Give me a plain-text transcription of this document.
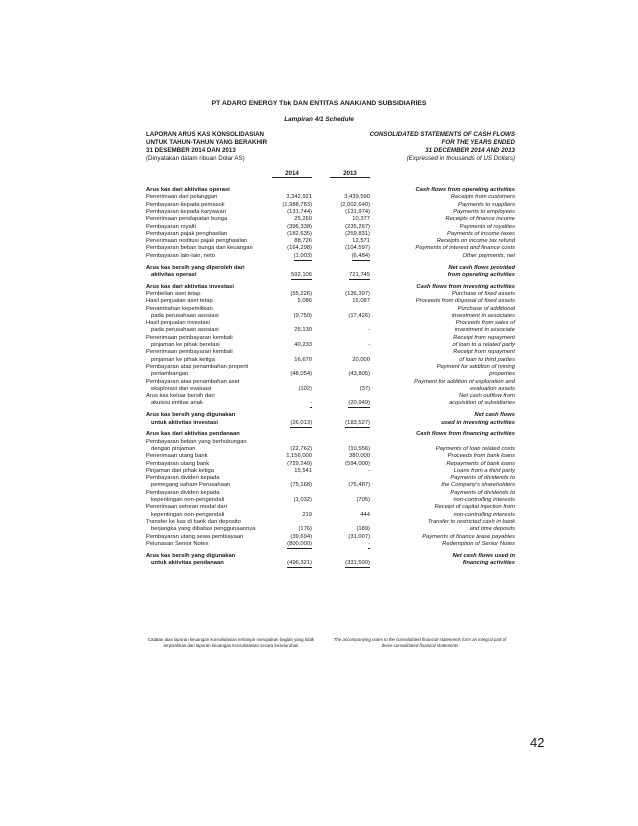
PT ADARO ENERGY Tbk DAN ENTITAS ANAK/AND SUBSIDIARIES
Lampiran 4/1 Schedule
LAPORAN ARUS KAS KONSOLIDASIAN
UNTUK TAHUN-TAHUN YANG BERAKHIR
31 DESEMBER 2014 DAN 2013
(Dinyatakan dalam ribuan Dolar AS)
CONSOLIDATED STATEMENTS OF CASH FLOWS
FOR THE YEARS ENDED
31 DECEMBER 2014 AND 2013
(Expressed in thousands of US Dollars)
2014	2013
Arus kas dari aktivitas operasi	Cash flows from operating activities
Penerimaan dari pelanggan	3,342,921	3,439,590	Receipts from customers
Pembayaran kepada pemasok	(1,988,783)	(2,002,640)	Payments to suppliers
Pembayaran kepada karyawan	(131,744)	(131,974)	Payments to employees
Penerimaan pendapatan bunga	25,260	10,377	Receipts of finance income
Pembayaran royalti	(396,338)	(235,267)	Payments of royalties
Pembayaran pajak penghasilan	(182,635)	(259,831)	Payments of income taxes
Penerimaan restitusi pajak penghasilan	88,726	12,571	Receipts on income tax refund
Pembayaran beban bunga dan keuangan	(164,298)	(104,597)	Payments of interest and finance costs
Pembayaran lain-lain, neto	(1,003)	(6,484)	Other payments, net
Arus kas bersih yang diperoleh dari	Net cash flows provided
aktivitas operasi	592,106	721,745	from operating activities
Arus kas dari aktivitas investasi	Cash flows from investing activities
Pembelian aset tetap	(55,226)	(136,397)	Purchase of fixed assets
Hasil penjualan aset tetap	5,086	15,087	Proceeds from disposal of fixed assets
Penambahan kepemilikan	Purchase of additional
pada perusahaan asosiasi	(9,750)	(17,426)	investment in associates
Hasil penjualan investasi	Proceeds from sales of
pada perusahaan asosiasi	25,130	-	investment in associate
Penerimaan pembayaran kembali	Receipt from repayment
pinjaman ke pihak berelasi	40,233	-	of loan to a related party
Penerimaan pembayaran kembali	Receipt from repayment
pinjaman ke pihak ketiga	16,670	20,000	of loan to third parties
Pembayaran atas penambahan properti	Payment for addition of mining
pertambangan	(48,054)	(43,805)	properties
Pembayaran atas penambahan aset	Payment for addition of exploration and
eksplorasi dan evaluasi	(102)	(37)	evaluation assets
Arus kas keluar bersih dari	Net cash outflow from
akuisisi entitas anak	-	(20,949)	acquisition of subsidiaries
Arus kas bersih yang digunakan	Net cash flows
untuk aktivitas investasi	(26,013)	(183,527)	used in investing activities
Arus kas dari aktivitas pendanaan	Cash flows from financing activities
Pembayaran beban yang berhubungan
dengan pinjaman	(22,762)	(10,556)	Payments of loan related costs
Penerimaan utang bank	1,156,000	380,000	Proceeds from bank loans
Pembayaran utang bank	(729,249)	(594,000)	Repayments of bank loans
Pinjaman dari pihak ketiga	15,541	-	Loans from a third party
Pembayaran dividen kepada	Payments of dividends to
pemegang saham Perusahaan	(75,168)	(75,487)	the Company's shareholders
Pembayaran dividen kepada	Payments of dividends to
kepentingan non-pengendali	(1,032)	(705)	non-controlling interests
Penerimaan setoran modal dari	Receipt of capital injection from
kepentingan non-pengendali	219	444	non-controlling interests
Transfer ke kas di bank dan deposito	Transfer to restricted cash in bank
berjangka yang dibatasi penggunaannya	(176)	(189)	and time deposits
Pembayaran utang sewa pembiayaan	(39,694)	(31,007)	Payments of finance lease payables
Pelunasan Senior Notes	(800,000)	-	Redemption of Senior Notes
Arus kas bersih yang digunakan	Net cash flows used in
untuk aktivitas pendanaan	(496,321)	(331,500)	financing activities
Catatan atas laporan keuangan konsolidasian terlampir merupakan bagian yang tidak terpisahkan dari laporan keuangan konsolidasian secara keseluruhan
The accompanying notes to the consolidated financial statements form an integral part of these consolidated financial statements
42
